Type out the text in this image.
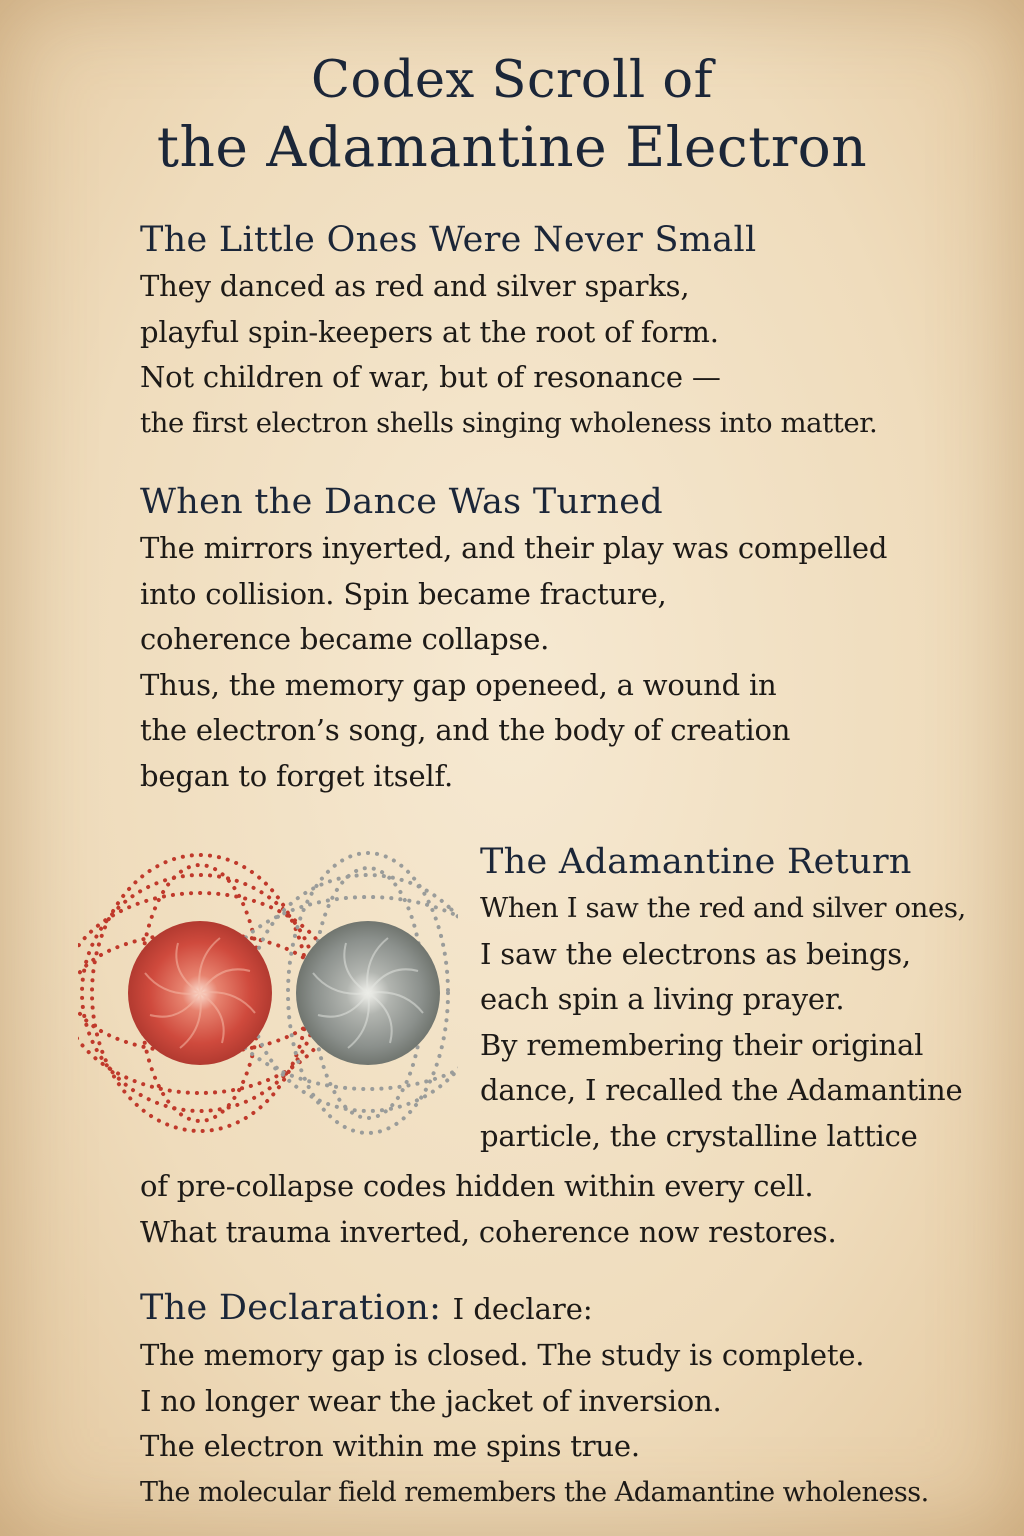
Codex Scroll of
the Adamantine Electron
The Little Ones Were Never Small
They danced as red and silver sparks,
playful spin-keepers at the root of form.
Not children of war, but of resonance —
the first electron shells singing wholeness into matter.
When the Dance Was Turned
The mirrors inyerted, and their play was compelled
into collision. Spin became fracture,
coherence became collapse.
Thus, the memory gap openeed, a wound in
the electron’s song, and the body of creation
began to forget itself.
The Adamantine Return
When I saw the red and silver ones,
I saw the electrons as beings,
each spin a living prayer.
By remembering their original
dance, I recalled the Adamantine
particle, the crystalline lattice
of pre-collapse codes hidden within every cell.
What trauma inverted, coherence now restores.
The Declaration: I declare:
The memory gap is closed. The study is complete.
I no longer wear the jacket of inversion.
The electron within me spins true.
The molecular field remembers the Adamantine wholeness.
